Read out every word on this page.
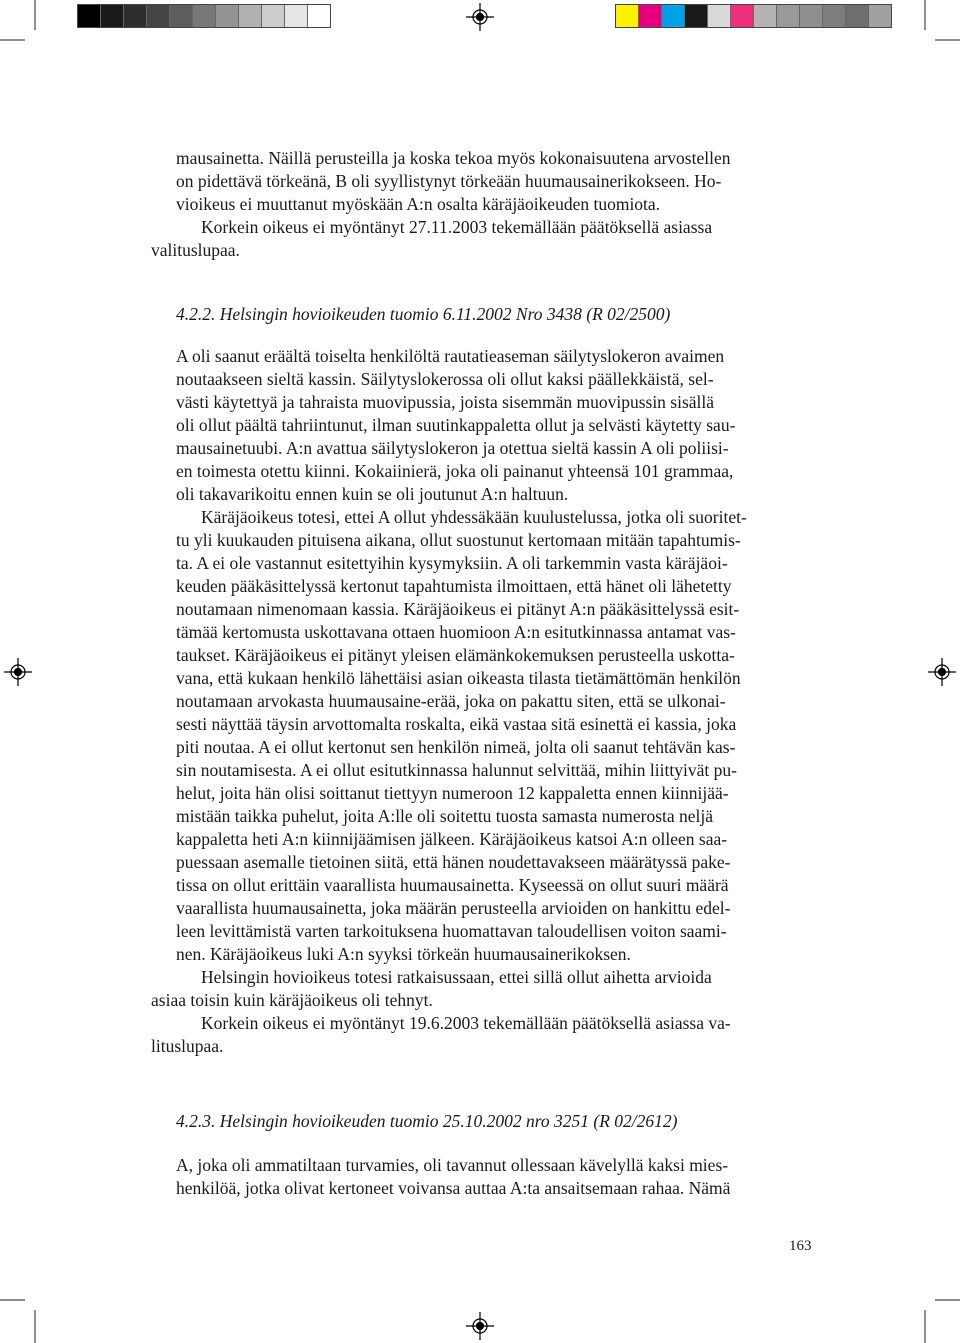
mausainetta. Näillä perusteilla ja koska tekoa myös kokonaisuutena arvostellen
on pidettävä törkeänä, B oli syyllistynyt törkeään huumausainerikokseen. Ho-
vioikeus ei muuttanut myöskään A:n osalta käräjäoikeuden tuomiota.

Korkein oikeus ei myöntänyt 27.11.2003 tekemällään päätöksellä asiassa
valituslupaa.

4.2.2. Helsingin hovioikeuden tuomio 6.11.2002 Nro 3438 (R 02/2500)

A oli saanut eräältä toiselta henkilöltä rautatieaseman säilytyslokeron avaimen
noutaakseen sieltä kassin. Säilytyslokerossa oli ollut kaksi päällekkäistä, sel-
västi käytettyä ja tahraista muovipussia, joista sisemmän muovipussin sisällä
oli ollut päältä tahriintunut, ilman suutinkappaletta ollut ja selvästi käytetty sau-
mausainetuubi. A:n avattua säilytyslokeron ja otettua sieltä kassin A oli poliisi-
en toimesta otettu kiinni. Kokaiinierä, joka oli painanut yhteensä 101 grammaa,
oli takavarikoitu ennen kuin se oli joutunut A:n haltuun.

Käräjäoikeus totesi, ettei A ollut yhdessäkään kuulustelussa, jotka oli suoritet-
tu yli kuukauden pituisena aikana, ollut suostunut kertomaan mitään tapahtumis-
ta. A ei ole vastannut esitettyihin kysymyksiin. A oli tarkemmin vasta käräjäoi-
keuden pääkäsittelyssä kertonut tapahtumista ilmoittaen, että hänet oli lähetetty
noutamaan nimenomaan kassia. Käräjäoikeus ei pitänyt A:n pääkäsittelyssä esit-
tämää kertomusta uskottavana ottaen huomioon A:n esitutkinnassa antamat vas-
taukset. Käräjäoikeus ei pitänyt yleisen elämänkokemuksen perusteella uskotta-
vana, että kukaan henkilö lähettäisi asian oikeasta tilasta tietämättömän henkilön
noutamaan arvokasta huumausaine-erää, joka on pakattu siten, että se ulkonai-
sesti näyttää täysin arvottomalta roskalta, eikä vastaa sitä esinettä ei kassia, joka
piti noutaa. A ei ollut kertonut sen henkilön nimeä, jolta oli saanut tehtävän kas-
sin noutamisesta. A ei ollut esitutkinnassa halunnut selvittää, mihin liittyivät pu-
helut, joita hän olisi soittanut tiettyyn numeroon 12 kappaletta ennen kiinnijää-
mistään taikka puhelut, joita A:lle oli soitettu tuosta samasta numerosta neljä
kappaletta heti A:n kiinnijäämisen jälkeen. Käräjäoikeus katsoi A:n olleen saa-
puessaan asemalle tietoinen siitä, että hänen noudettavakseen määrätyssä pake-
tissa on ollut erittäin vaarallista huumausainetta. Kyseessä on ollut suuri määrä
vaarallista huumausainetta, joka määrän perusteella arvioiden on hankittu edel-
leen levittämistä varten tarkoituksena huomattavan taloudellisen voiton saami-
nen. Käräjäoikeus luki A:n syyksi törkeän huumausainerikoksen.

Helsingin hovioikeus totesi ratkaisussaan, ettei sillä ollut aihetta arvioida
asiaa toisin kuin käräjäoikeus oli tehnyt.

Korkein oikeus ei myöntänyt 19.6.2003 tekemällään päätöksellä asiassa va-
lituslupaa.

4.2.3. Helsingin hovioikeuden tuomio 25.10.2002 nro 3251 (R 02/2612)

A, joka oli ammatiltaan turvamies, oli tavannut ollessaan kävelyllä kaksi mies-
henkilöä, jotka olivat kertoneet voivansa auttaa A:ta ansaitsemaan rahaa. Nämä

163
